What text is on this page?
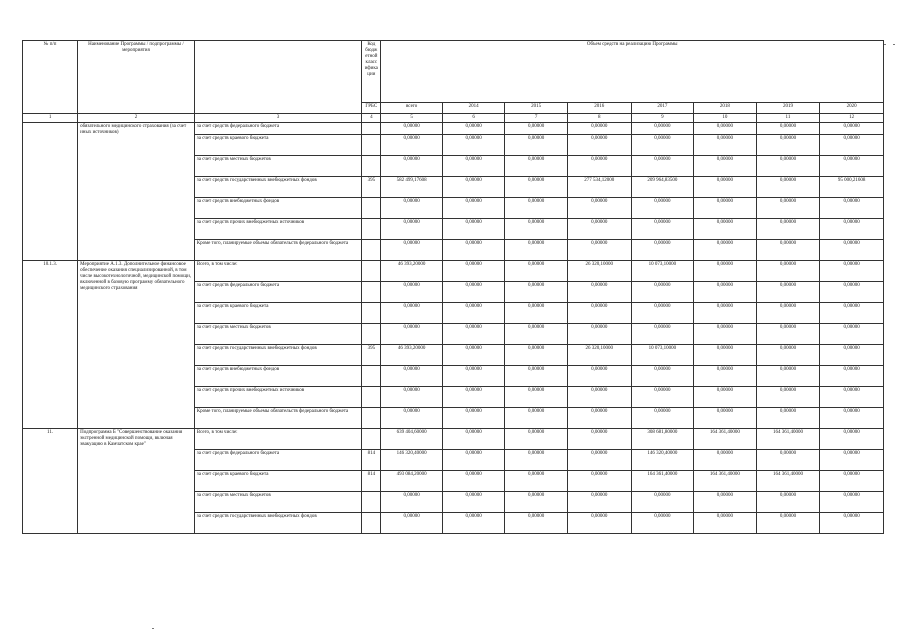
№ п/п	Наименование Программы / подпрограммы / мероприятия		Код бюджетной классификации	Объем средств на реализацию Программы							
			ГРБС	всего	2014	2015	2016	2017	2018	2019	2020
1	2	3	4	5	6	7	8	9	10	11	12
	обязательного медицинского страхования (за счет иных источников)	за счет средств федерального бюджета		0,00000	0,00000	0,00000	0,00000	0,00000	0,00000	0,00000	0,00000
		за счет средств краевого бюджета		0,00000	0,00000	0,00000	0,00000	0,00000	0,00000	0,00000	0,00000
		за счет средств местных бюджетов		0,00000	0,00000	0,00000	0,00000	0,00000	0,00000	0,00000	0,00000
		за счет средств государственных внебюджетных фондов	395	582 499,17608	0,00000	0,00000	277 534,12000	209 964,83500	0,00000	0,00000	95 000,21608
		за счет средств внебюджетных фондов		0,00000	0,00000	0,00000	0,00000	0,00000	0,00000	0,00000	0,00000
		за счет средств прочих внебюджетных источников		0,00000	0,00000	0,00000	0,00000	0,00000	0,00000	0,00000	0,00000
		Кроме того, планируемые объемы обязательств федерального бюджета		0,00000	0,00000	0,00000	0,00000	0,00000	0,00000	0,00000	0,00000
10.1.3.	Мероприятие А.1.3. Дополнительное финансовое обеспечение оказания специализированной, в том числе высокотехнологичной, медицинской помощи, включенной в базовую программу обязательного медицинского страхования	Всего, в том числе:		46 393,20000	0,00000	0,00000	26 320,10000	10 073,10000	0,00000	0,00000	0,00000
		за счет средств федерального бюджета		0,00000	0,00000	0,00000	0,00000	0,00000	0,00000	0,00000	0,00000
		за счет средств краевого бюджета		0,00000	0,00000	0,00000	0,00000	0,00000	0,00000	0,00000	0,00000
		за счет средств местных бюджетов		0,00000	0,00000	0,00000	0,00000	0,00000	0,00000	0,00000	0,00000
		за счет средств государственных внебюджетных фондов	395	46 393,20000	0,00000	0,00000	26 320,10000	10 073,10000	0,00000	0,00000	0,00000
		за счет средств внебюджетных фондов		0,00000	0,00000	0,00000	0,00000	0,00000	0,00000	0,00000	0,00000
		за счет средств прочих внебюджетных источников		0,00000	0,00000	0,00000	0,00000	0,00000	0,00000	0,00000	0,00000
		Кроме того, планируемые объемы обязательств федерального бюджета		0,00000	0,00000	0,00000	0,00000	0,00000	0,00000	0,00000	0,00000
11.	Подпрограмма Б "Совершенствование оказания экстренной медицинской помощи, включая эвакуацию в Камчатском крае"	Всего, в том числе:		639 404,60000	0,00000	0,00000	0,00000	308 681,80000	164 361,40000	164 361,40000	0,00000
		за счет средств федерального бюджета	814	146 320,40000	0,00000	0,00000	0,00000	146 320,40000	0,00000	0,00000	0,00000
		за счет средств краевого бюджета	814	493 084,20000	0,00000	0,00000	0,00000	164 361,40000	164 361,40000	164 361,40000	0,00000
		за счет средств местных бюджетов		0,00000	0,00000	0,00000	0,00000	0,00000	0,00000	0,00000	0,00000
		за счет средств государственных внебюджетных фондов		0,00000	0,00000	0,00000	0,00000	0,00000	0,00000	0,00000	0,00000
